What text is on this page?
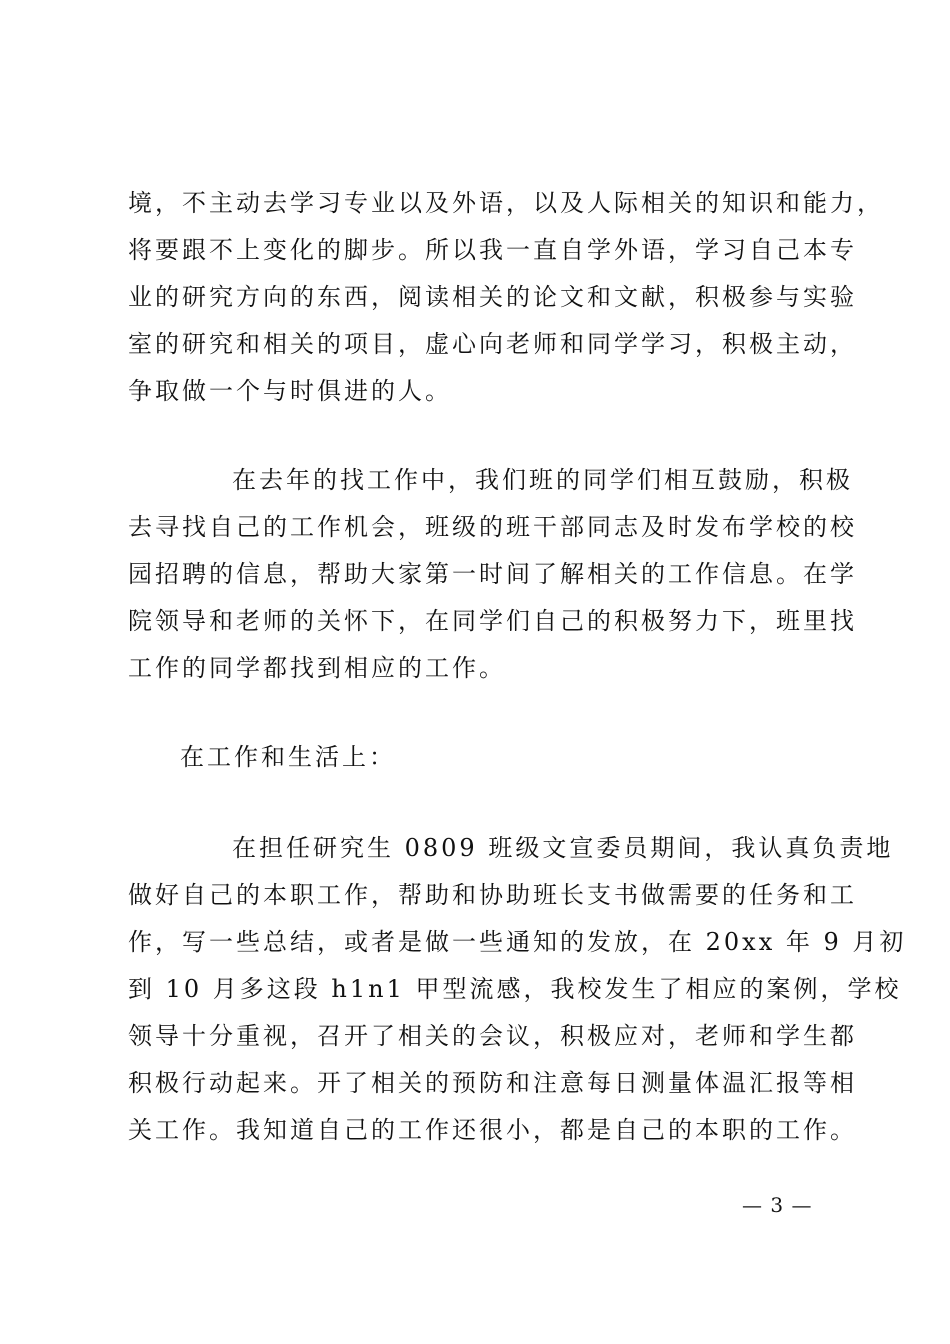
境，不主动去学习专业以及外语，以及人际相关的知识和能力，
将要跟不上变化的脚步。所以我一直自学外语，学习自己本专
业的研究方向的东西，阅读相关的论文和文献，积极参与实验
室的研究和相关的项目，虚心向老师和同学学习，积极主动，
争取做一个与时俱进的人。
在去年的找工作中，我们班的同学们相互鼓励，积极
去寻找自己的工作机会，班级的班干部同志及时发布学校的校
园招聘的信息，帮助大家第一时间了解相关的工作信息。在学
院领导和老师的关怀下，在同学们自己的积极努力下，班里找
工作的同学都找到相应的工作。
在工作和生活上：
在担任研究生 0809 班级文宣委员期间，我认真负责地
做好自己的本职工作，帮助和协助班长支书做需要的任务和工
作，写一些总结，或者是做一些通知的发放，在 20xx 年 9 月初
到 10 月多这段 h1n1 甲型流感，我校发生了相应的案例，学校
领导十分重视，召开了相关的会议，积极应对，老师和学生都
积极行动起来。开了相关的预防和注意每日测量体温汇报等相
关工作。我知道自己的工作还很小，都是自己的本职的工作。
— 3 —
